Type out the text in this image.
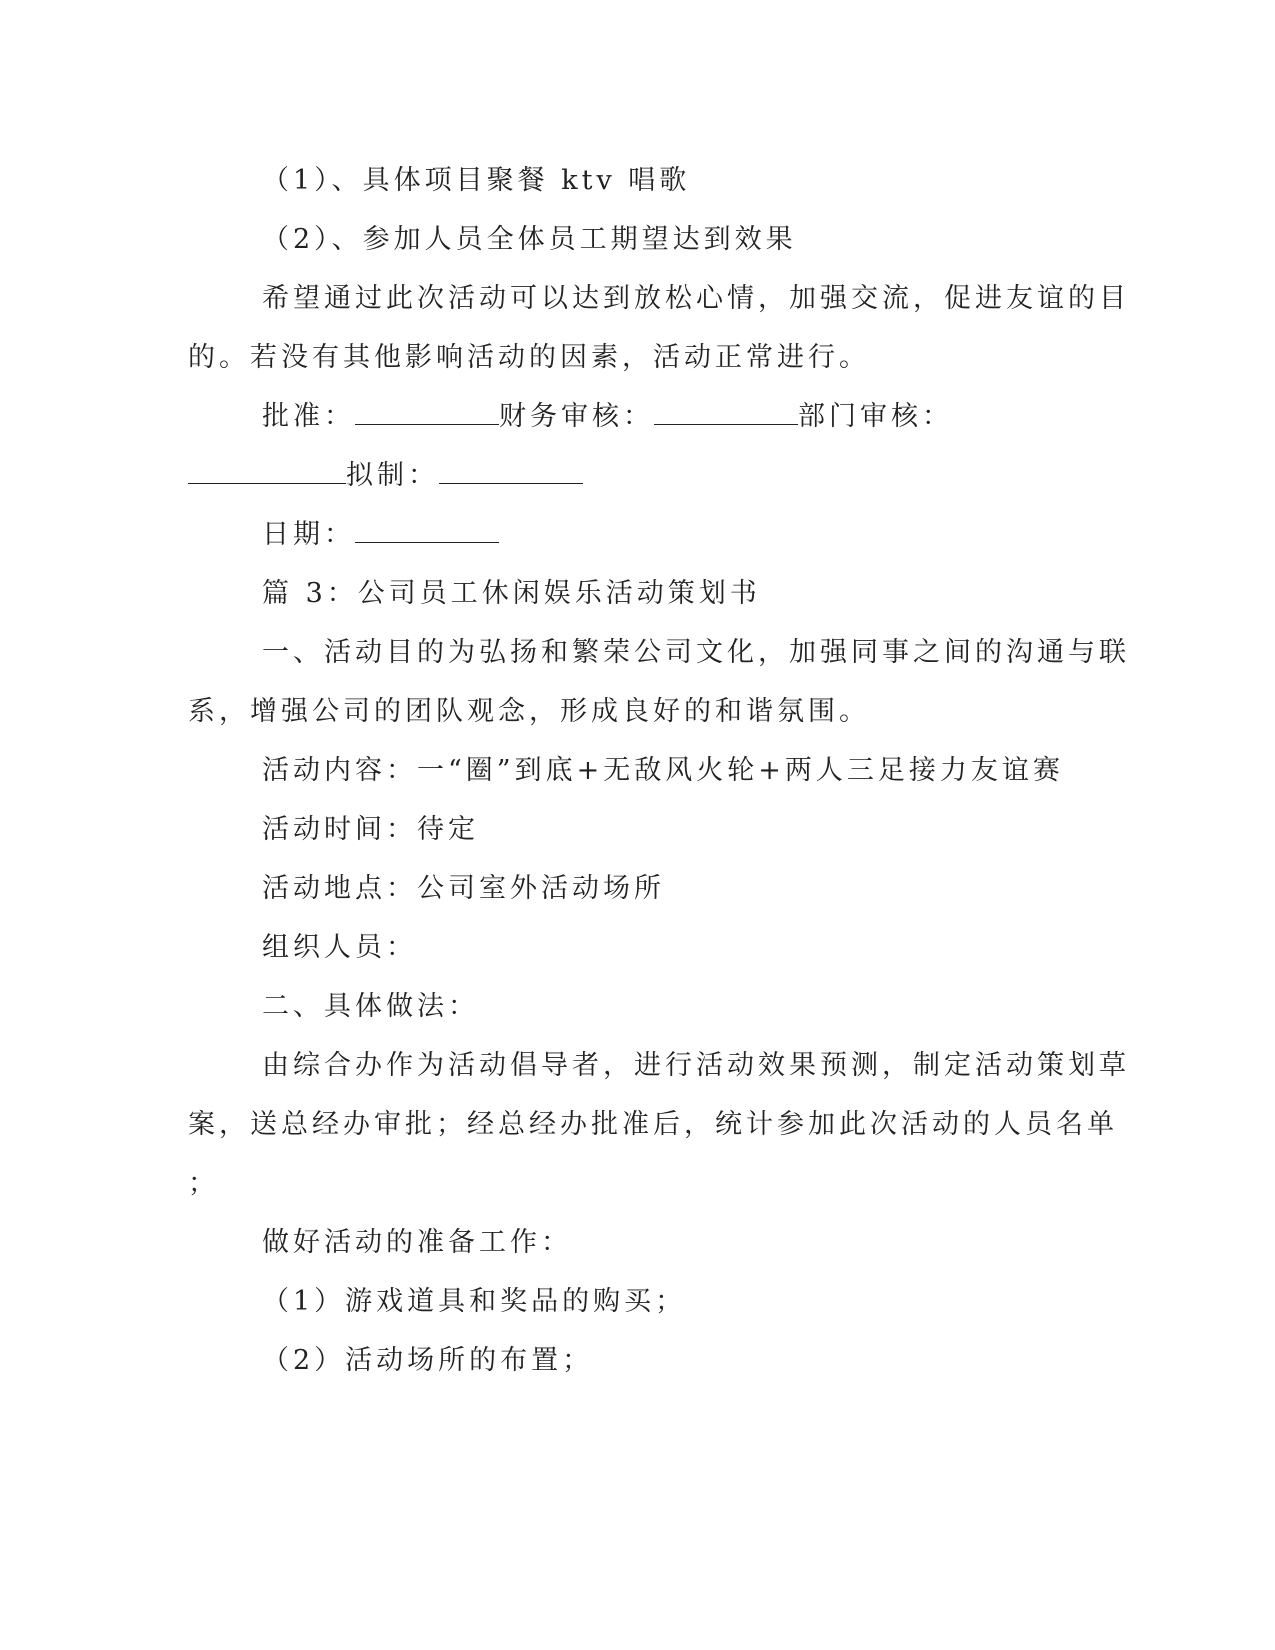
（1）、具体项目聚餐 ktv 唱歌
（2）、参加人员全体员工期望达到效果
希望通过此次活动可以达到放松心情，加强交流，促进友谊的目
的。若没有其他影响活动的因素，活动正常进行。
批准：	财务审核：	部门审核：
拟制：
日期：
篇 3：公司员工休闲娱乐活动策划书
一、活动目的为弘扬和繁荣公司文化，加强同事之间的沟通与联
系，增强公司的团队观念，形成良好的和谐氛围。
活动内容：一“圈”到底+无敌风火轮+两人三足接力友谊赛
活动时间：待定
活动地点：公司室外活动场所
组织人员：
二、具体做法：
由综合办作为活动倡导者，进行活动效果预测，制定活动策划草
案，送总经办审批；经总经办批准后，统计参加此次活动的人员名单
；
做好活动的准备工作：
（1）游戏道具和奖品的购买；
（2）活动场所的布置；
